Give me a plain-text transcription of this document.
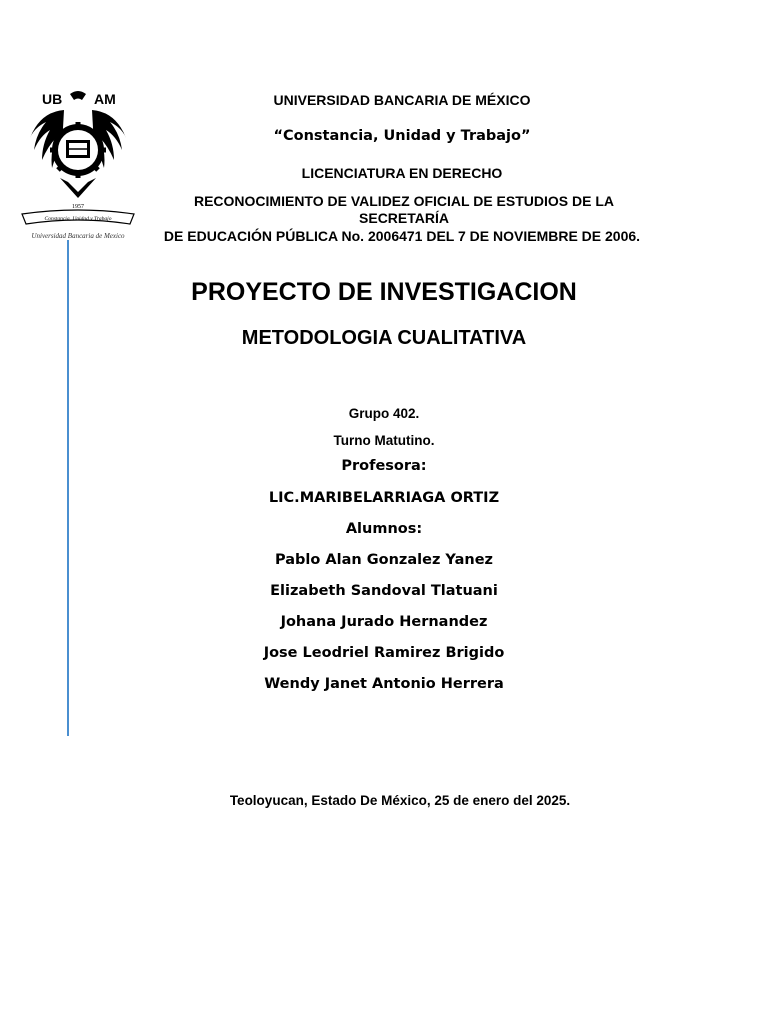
UB AM
1957
Constancia, Unidad y Trabajo
Universidad Bancaria de Mexico
UNIVERSIDAD BANCARIA DE MÉXICO
“Constancia, Unidad y Trabajo”
LICENCIATURA EN DERECHO
RECONOCIMIENTO DE VALIDEZ OFICIAL DE ESTUDIOS DE LA
SECRETARÍA
DE EDUCACIÓN PÚBLICA No. 2006471 DEL 7 DE NOVIEMBRE DE 2006.
PROYECTO DE INVESTIGACION
METODOLOGIA CUALITATIVA
Grupo 402.
Turno Matutino.
Profesora:
LIC.MARIBELARRIAGA ORTIZ
Alumnos:
Pablo Alan Gonzalez Yanez
Elizabeth Sandoval Tlatuani
Johana Jurado Hernandez
Jose Leodriel Ramirez Brigido
Wendy Janet Antonio Herrera
Teoloyucan, Estado De México, 25 de enero del 2025.
